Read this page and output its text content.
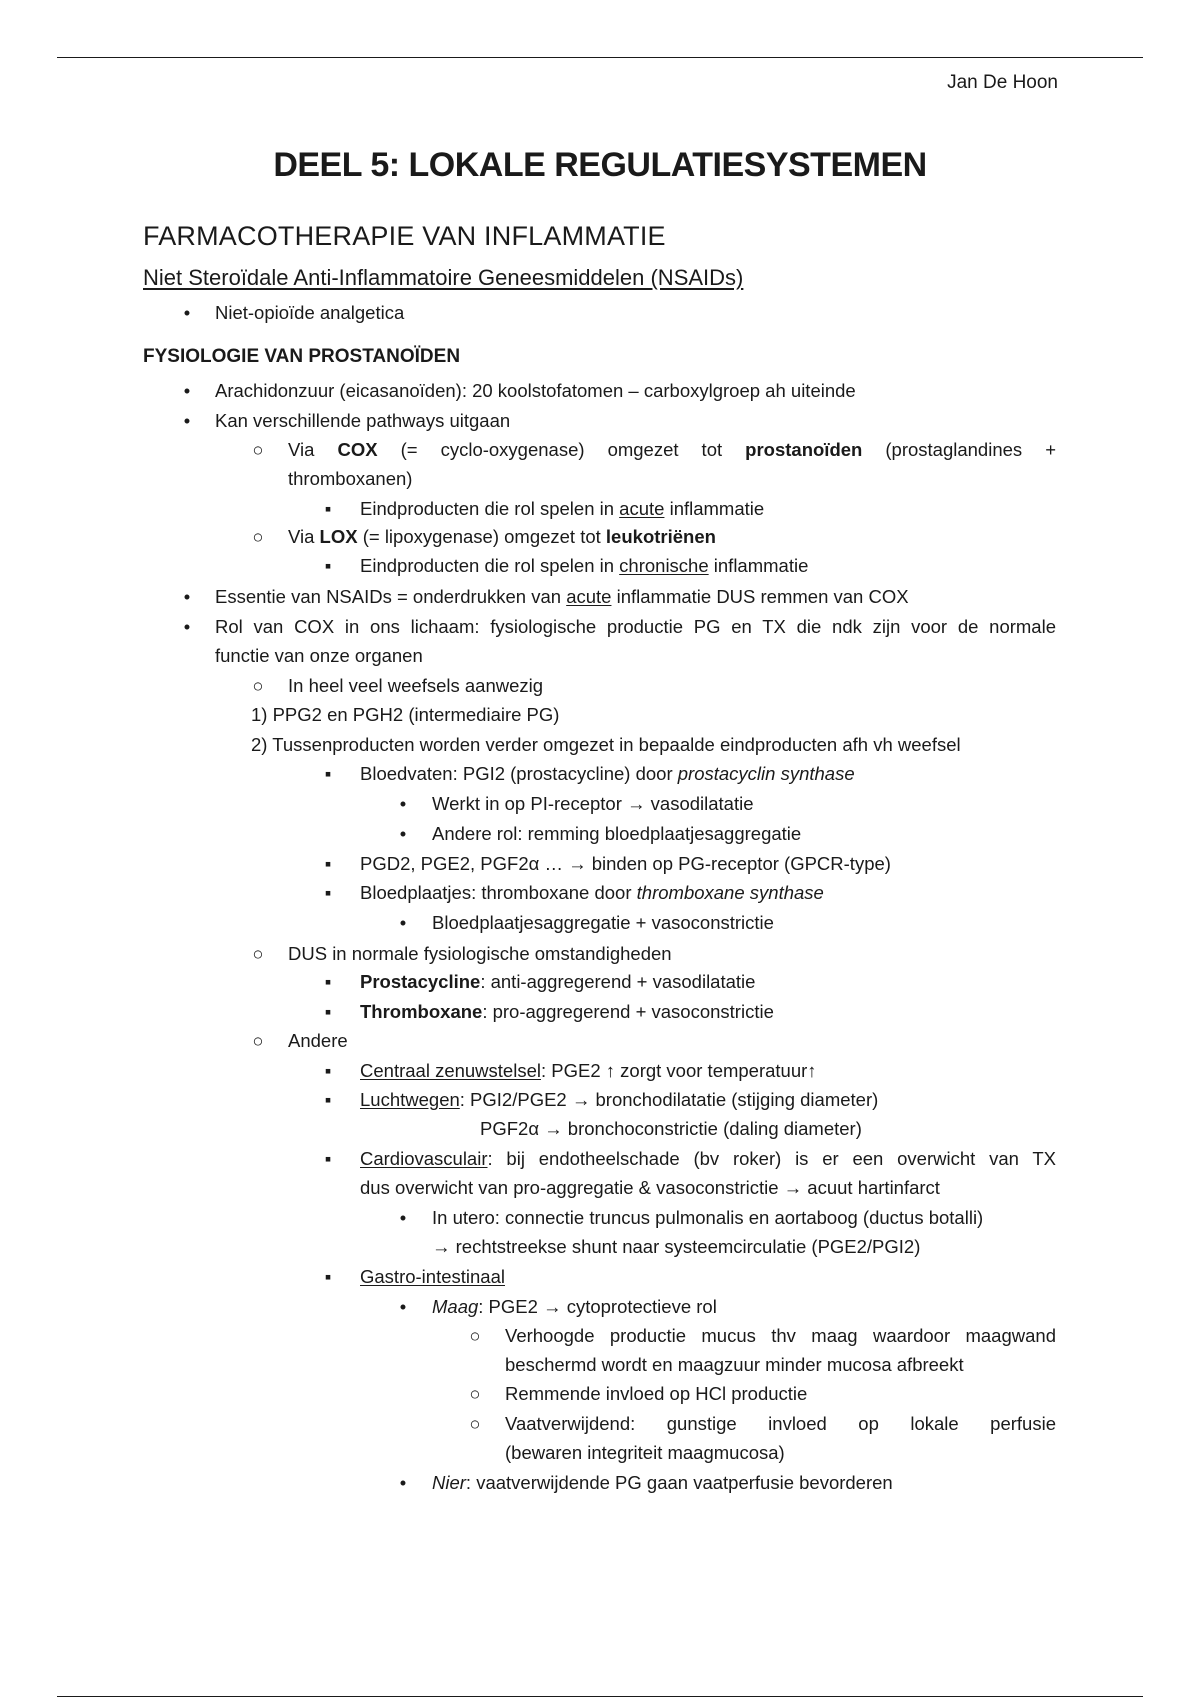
Jan De Hoon
DEEL 5: LOKALE REGULATIESYSTEMEN
FARMACOTHERAPIE VAN INFLAMMATIE
Niet Steroïdale Anti-Inflammatoire Geneesmiddelen (NSAIDs)
•	Niet-opioïde analgetica
FYSIOLOGIE VAN PROSTANOÏDEN
•	Arachidonzuur (eicasanoïden): 20 koolstofatomen – carboxylgroep ah uiteinde
•	Kan verschillende pathways uitgaan
○ Via COX (= cyclo-oxygenase) omgezet tot prostanoïden (prostaglandines +
thromboxanen)
▪	Eindproducten die rol spelen in acute inflammatie
○ Via LOX (= lipoxygenase) omgezet tot leukotriënen
▪	Eindproducten die rol spelen in chronische inflammatie
•	Essentie van NSAIDs = onderdrukken van acute inflammatie DUS remmen van COX
•	Rol van COX in ons lichaam: fysiologische productie PG en TX die ndk zijn voor de normale
functie van onze organen
○ In heel veel weefsels aanwezig
1) PPG2 en PGH2 (intermediaire PG)
2) Tussenproducten worden verder omgezet in bepaalde eindproducten afh vh weefsel
▪	Bloedvaten: PGI2 (prostacycline) door prostacyclin synthase
•	Werkt in op PI-receptor → vasodilatatie
•	Andere rol: remming bloedplaatjesaggregatie
▪	PGD2, PGE2, PGF2α … → binden op PG-receptor (GPCR-type)
▪	Bloedplaatjes: thromboxane door thromboxane synthase
•	Bloedplaatjesaggregatie + vasoconstrictie
○ DUS in normale fysiologische omstandigheden
▪	Prostacycline: anti-aggregerend + vasodilatatie
▪	Thromboxane: pro-aggregerend + vasoconstrictie
○ Andere
▪	Centraal zenuwstelsel: PGE2 ↑ zorgt voor temperatuur↑
▪	Luchtwegen: PGI2/PGE2 → bronchodilatatie (stijging diameter)
PGF2α → bronchoconstrictie (daling diameter)
▪	Cardiovasculair: bij endotheelschade (bv roker) is er een overwicht van TX
dus overwicht van pro-aggregatie & vasoconstrictie → acuut hartinfarct
•	In utero: connectie truncus pulmonalis en aortaboog (ductus botalli)
→ rechtstreekse shunt naar systeemcirculatie (PGE2/PGI2)
▪	Gastro-intestinaal
•	Maag: PGE2 → cytoprotectieve rol
○ Verhoogde productie mucus thv maag waardoor maagwand
beschermd wordt en maagzuur minder mucosa afbreekt
○ Remmende invloed op HCl productie
○ Vaatverwijdend: gunstige invloed op lokale perfusie
(bewaren integriteit maagmucosa)
•	Nier: vaatverwijdende PG gaan vaatperfusie bevorderen
